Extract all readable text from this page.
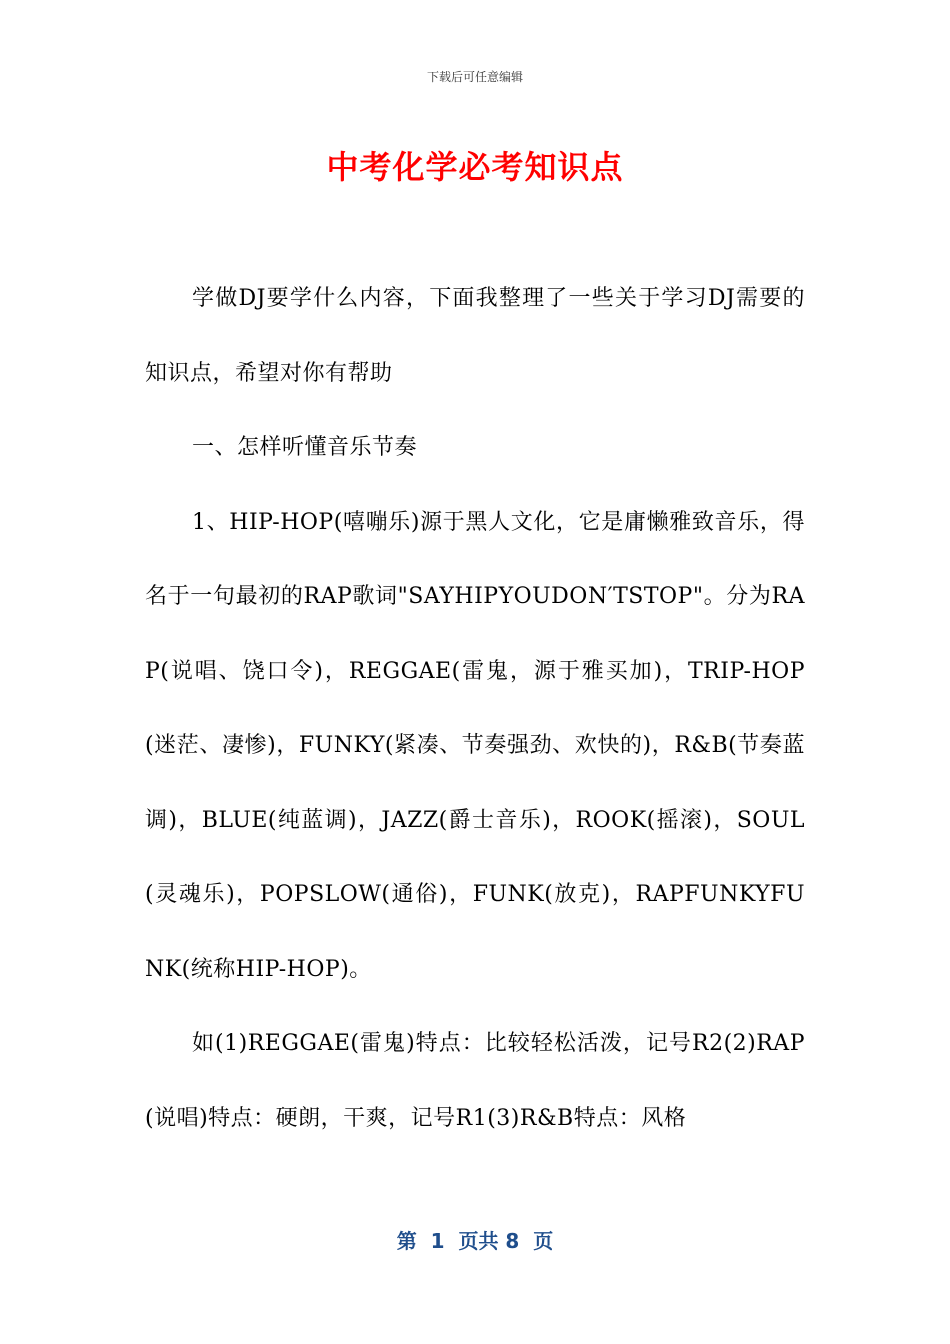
下载后可任意编辑
中考化学必考知识点

学做DJ要学什么内容，下面我整理了一些关于学习DJ需要的知识点，希望对你有帮助

一、怎样听懂音乐节奏

1、HIP-HOP(嘻嘣乐)源于黑人文化，它是庸懒雅致音乐，得名于一句最初的RAP歌词"SAYHIPYOUDON′TSTOP"。分为RAP(说唱、饶口令)，REGGAE(雷鬼，源于雅买加)，TRIP-HOP(迷茫、凄惨)，FUNKY(紧凑、节奏强劲、欢快的)，R&B(节奏蓝调)，BLUE(纯蓝调)，JAZZ(爵士音乐)，ROOK(摇滚)，SOUL(灵魂乐)，POPSLOW(通俗)，FUNK(放克)，RAPFUNKYFUNK(统称HIP-HOP)。

如(1)REGGAE(雷鬼)特点：比较轻松活泼，记号R2(2)RAP(说唱)特点：硬朗，干爽，记号R1(3)R&B特点：风格

第  1  页共 8  页
